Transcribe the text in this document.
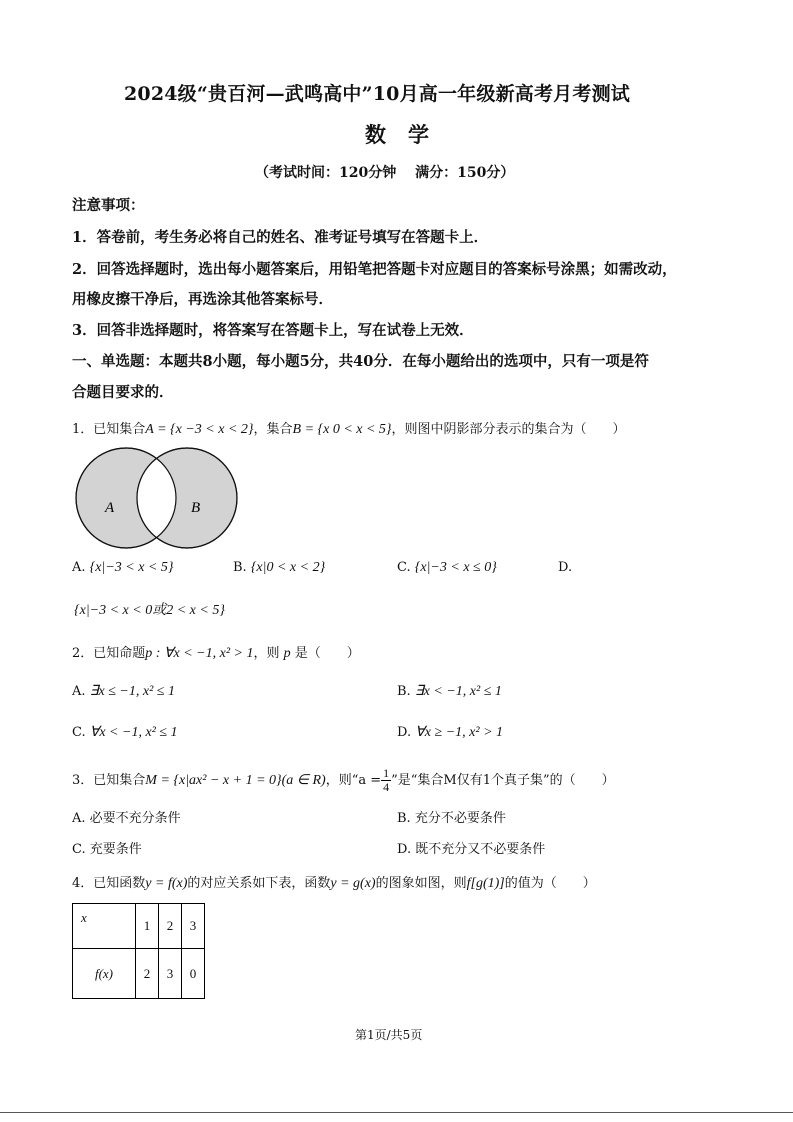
2024级“贵百河—武鸣高中”10月高一年级新高考月考测试
数学
（考试时间：120分钟　 满分：150分）
注意事项：
1．答卷前，考生务必将自己的姓名、准考证号填写在答题卡上．
2．回答选择题时，选出每小题答案后，用铅笔把答题卡对应题目的答案标号涂黑；如需改动，
用橡皮擦干净后，再选涂其他答案标号．
3．回答非选择题时，将答案写在答题卡上，写在试卷上无效．
一、单选题：本题共8小题，每小题5分，共40分．在每小题给出的选项中，只有一项是符
合题目要求的．
1．已知集合A = {x −3 < x < 2}，集合B = {x 0 < x < 5}，则图中阴影部分表示的集合为（　　）
A	B
A. {x|−3 < x < 5}	B. {x|0 < x < 2}	C. {x|−3 < x ≤ 0}	D.
{x|−3 < x < 0或2 < x < 5}
2．已知命题p : ∀x < −1, x² > 1，则 p 是（　　）
A. ∃x ≤ −1, x² ≤ 1	B. ∃x < −1, x² ≤ 1
C. ∀x < −1, x² ≤ 1	D. ∀x ≥ −1, x² > 1
3．已知集合M = {x|ax² − x + 1 = 0}(a ∈ R)，则“$a = \frac{1}{4}$ ”是“集合M仅有1个真子集”的（　　）
A. 必要不充分条件	B. 充分不必要条件
C. 充要条件	D. 既不充分又不必要条件
4．已知函数y = f(x)的对应关系如下表，函数y = g(x)的图象如图，则f[g(1)]的值为（　　）
x	1	2	3
f(x)	2	3	0
第1页/共5页
